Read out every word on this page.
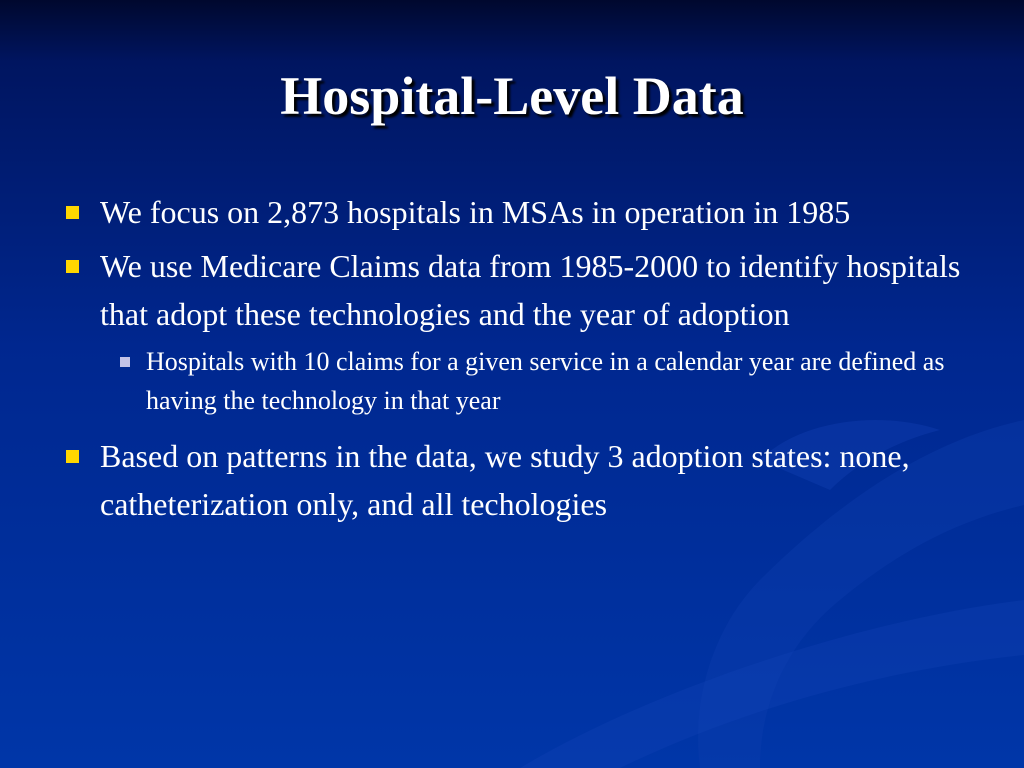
Hospital-Level Data
We focus on 2,873 hospitals in MSAs in operation in 1985
We use Medicare Claims data from 1985-2000 to identify hospitals that adopt these technologies and the year of adoption
Hospitals with 10 claims for a given service in a calendar year are defined as having the technology in that year
Based on patterns in the data, we study 3 adoption states: none, catheterization only, and all techologies
